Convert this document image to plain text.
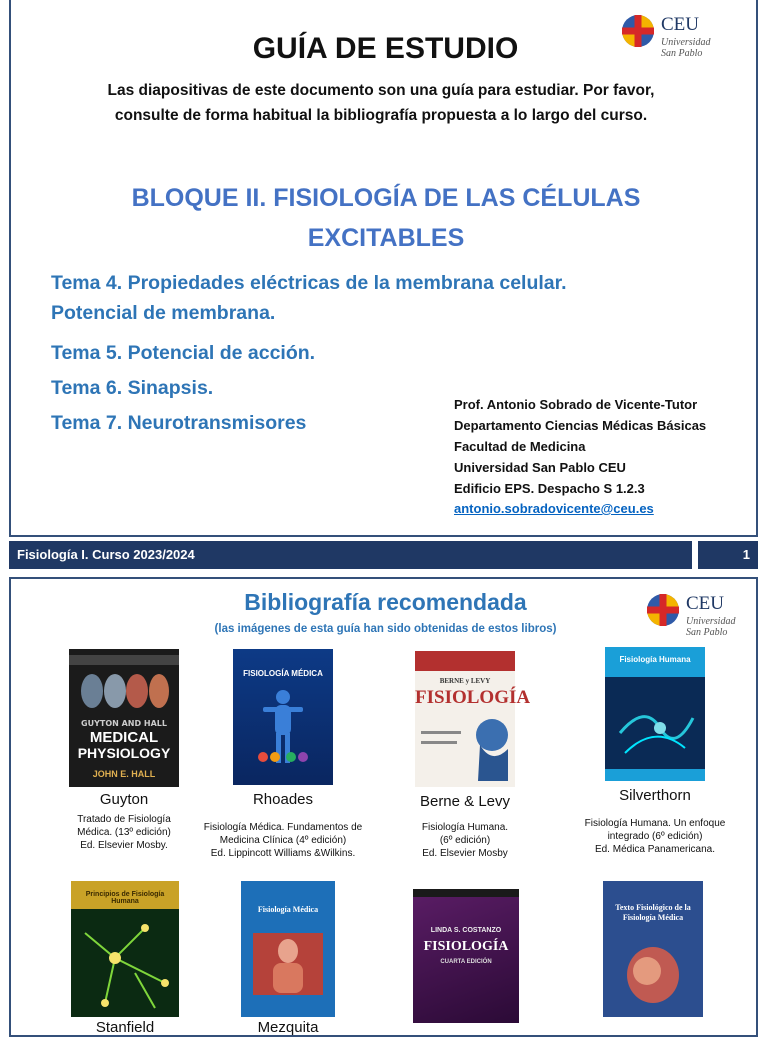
CEU
Universidad
San Pablo
GUÍA DE ESTUDIO
Las diapositivas de este documento son una guía para estudiar. Por favor,
consulte de forma habitual la bibliografía propuesta a lo largo del curso.
BLOQUE II. FISIOLOGÍA DE LAS CÉLULAS
EXCITABLES
Tema 4. Propiedades eléctricas de la membrana celular.
Potencial de membrana.
Tema 5. Potencial de acción.
Tema 6. Sinapsis.
Tema 7. Neurotransmisores
Prof. Antonio Sobrado de Vicente-Tutor
Departamento Ciencias Médicas Básicas
Facultad de Medicina
Universidad San Pablo CEU
Edificio EPS. Despacho S 1.2.3
antonio.sobradovicente@ceu.es
Fisiología I. Curso 2023/2024	1
CEU
Universidad
San Pablo
Bibliografía recomendada
(las imágenes de esta guía han sido obtenidas de estos libros)
GUYTON AND HALL
MEDICAL
PHYSIOLOGY
JOHN E. HALL
Guyton
Tratado de Fisiología
Médica. (13º edición)
Ed. Elsevier Mosby.
FISIOLOGÍA MÉDICA
Rhoades
Fisiología Médica. Fundamentos de
Medicina Clínica (4º edición)
Ed. Lippincott Williams &Wilkins.
BERNE y LEVY
FISIOLOGÍA
Berne & Levy
Fisiología Humana.
(6º edición)
Ed. Elsevier Mosby
Fisiología Humana
Silverthorn
Fisiología Humana. Un enfoque
integrado (6º edición)
Ed. Médica Panamericana.
Principios de Fisiología Humana
Stanfield
Fisiología Médica
Mezquita
LINDA S. COSTANZO
FISIOLOGÍA
CUARTA EDICIÓN
Texto Fisiológico de la Fisiología Médica
